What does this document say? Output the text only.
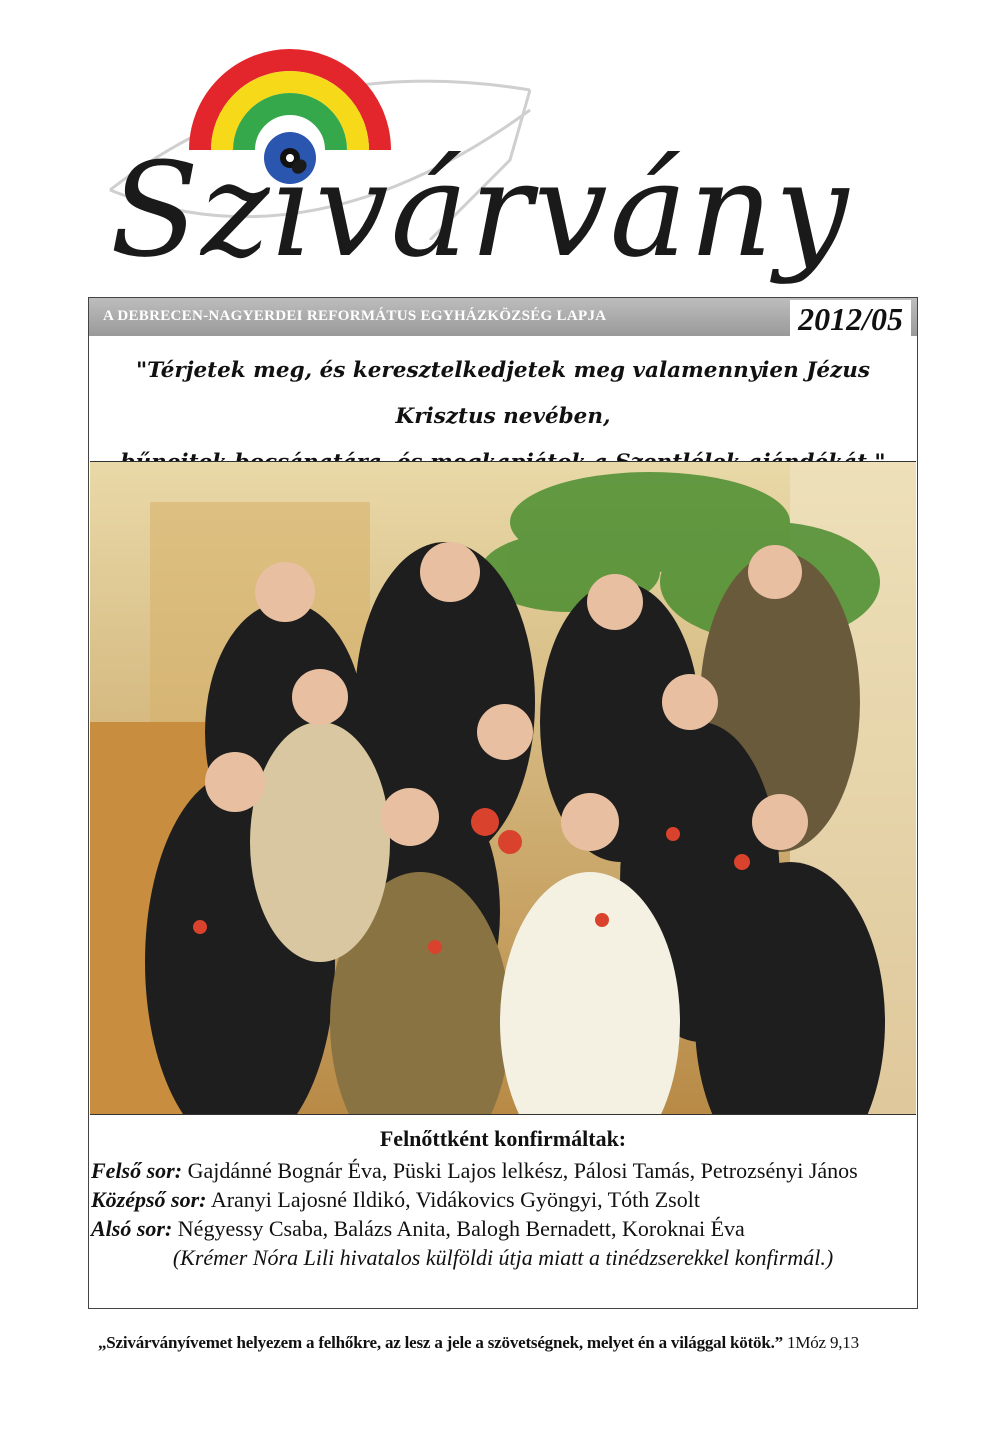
Szivárvány
A DEBRECEN-NAGYERDEI REFORMÁTUS EGYHÁZKÖZSÉG LAPJA	2012/05
"Térjetek meg, és keresztelkedjetek meg valamennyien Jézus Krisztus nevében,
Felnőttként konfirmáltak:
Felső sor: Gajdánné Bognár Éva, Püski Lajos lelkész, Pálosi Tamás, Petrozsényi János
Középső sor: Aranyi Lajosné Ildikó, Vidákovics Gyöngyi, Tóth Zsolt
Alsó sor: Négyessy Csaba, Balázs Anita, Balogh Bernadett, Koroknai Éva
(Krémer Nóra Lili hivatalos külföldi útja miatt a tinédzserekkel konfirmál.)
„Szivárványívemet helyezem a felhőkre, az lesz a jele a szövetségnek, melyet én a világgal kötök.” 1Móz 9,13
